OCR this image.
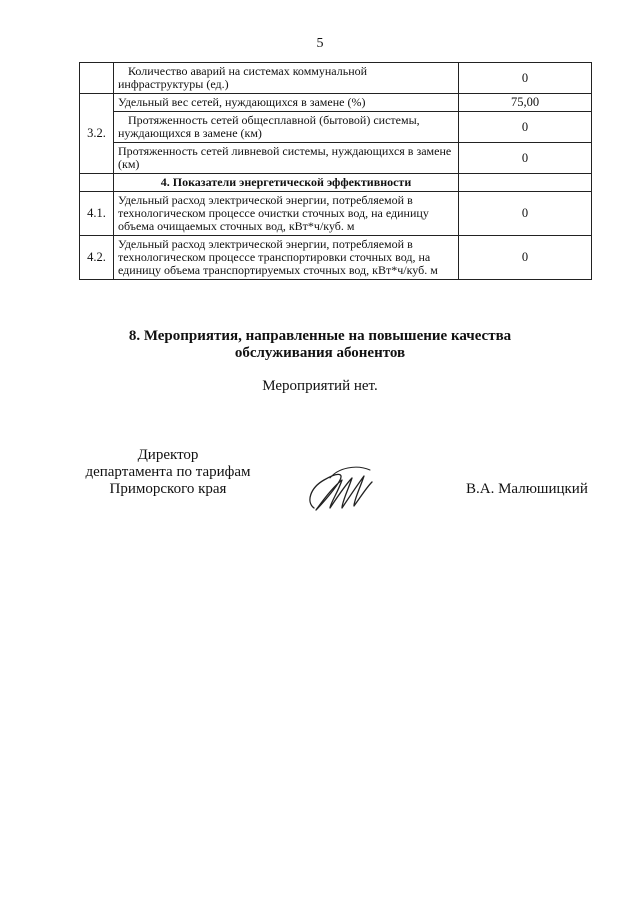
5
	Количество аварий на системах коммунальной инфраструктуры (ед.)	0
3.2.	Удельный вес сетей, нуждающихся в замене (%)	75,00
	Протяженность сетей общесплавной (бытовой) системы, нуждающихся в замене (км)	0
	Протяженность сетей ливневой системы, нуждающихся в замене (км)	0
	4. Показатели энергетической эффективности	
4.1.	Удельный расход электрической энергии, потребляемой в технологическом процессе очистки сточных вод, на единицу объема очищаемых сточных вод, кВт*ч/куб. м	0
4.2.	Удельный расход электрической энергии, потребляемой в технологическом процессе транспортировки сточных вод, на единицу объема транспортируемых сточных вод, кВт*ч/куб. м	0
8. Мероприятия, направленные на повышение качества
обслуживания абонентов
Мероприятий нет.
Директор
департамента по тарифам
Приморского края	В.А. Малюшицкий
